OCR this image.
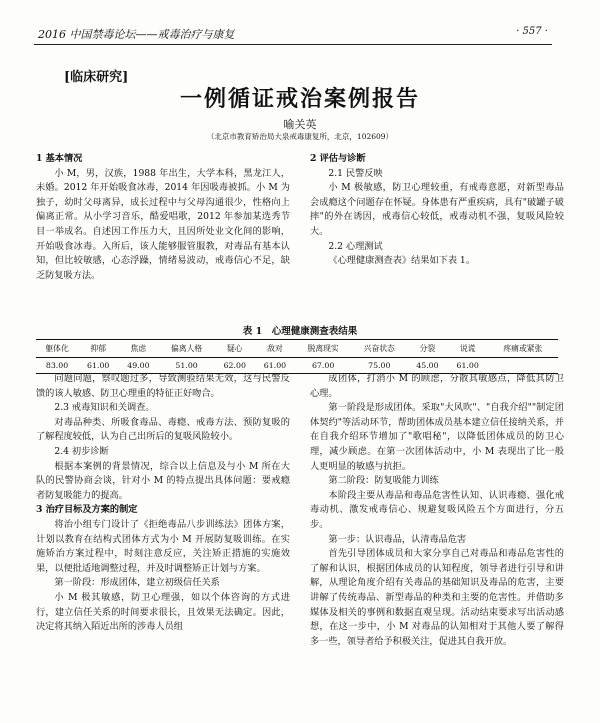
2016 中国禁毒论坛——戒毒治疗与康复	· 557 ·
[临床研究]
一例循证戒治案例报告
喻关英
（北京市教育矫治局大泉戒毒康复所，北京，102609）

1 基本情况

小 M，男，汉族，1988 年出生，大学本科，黑龙江人，未婚。2012 年开始吸食冰毒，2014 年因吸毒被抓。小 M 为独子，幼时父母离异，成长过程中与父母沟通很少，性格向上偏离正常。从小学习音乐，酷爱唱歌，2012 年参加某选秀节目一举成名。自述因工作压力大，且因所处业文化间的影响，开始吸食冰毒。入所后，该人能够服管服教，对毒品有基本认知，但比较敏感，心态浮躁，情绪易波动，戒毒信心不足，缺乏防复吸方法。

2 评估与诊断

2.1 民警反映

小 M 极敏感，防卫心理较重，有戒毒意愿，对新型毒品会成瘾这个问题存在怀疑。身体患有严重疾病，具有"破罐子破摔"的外在诱因，戒毒信心较低，戒毒动机不强，复吸风险较大。

2.2 心理测试

《心理健康测查表》结果如下表 1。

表 1　心理健康测查表结果
躯体化	抑郁	焦虑	偏离人格	疑心	敌对	脱离现实	兴奋状态	分裂	说谎	疼痛或紧张
83.00	61.00	49.00	51.00	62.00	61.00	67.00	75.00	45.00	61.00	

问题问题，察叹题过多，导致测验结果无效，这与民警反馈的该人敏感、防卫心理重的特征正好吻合。

2.3 戒毒知识和关调查。

对毒品种类、所吸食毒品、毒瘾、戒毒方法、预防复吸的了解程度较低，认为自己出所后的复吸风险较小。

2.4 初步诊断

根据本案例的背景情况，综合以上信息及与小 M 所在大队的民警协商会谈，针对小 M 的特点提出具体问题：要戒瘾者防复吸能力的提高。

3 治疗目标及方案的制定

将治小组专门设计了《拒绝毒品八步训练法》团体方案，计划以教育在结构式团体方式为小 M 开展防复吸训练。在实施矫治方案过程中，时刻注意反应，关注矫正措施的实施效果，以便批适地调整过程，并及时调整矫正计划与方案。

第一阶段：形成团体，建立初级信任关系

小 M 极其敏感，防卫心理强，如以个体咨询的方式进行，建立信任关系的时间要求很长，且效果无法确定。因此，决定将其纳入陌近出所的涉毒人员组

成团体，打消小 M 的顾虑，分散其敏感点，降低其防卫心理。

第一阶段是形成团体。采取"大风吹"、"自我介绍""制定团体契约"等活动环节，帮助团体成员基本建立信任接纳关系，并在自我介绍环节增加了"歌唱秘"，以降低团体成员的防卫心理，减少顾虑。在第一次团体活动中，小 M 表现出了比一般人更明显的敏感与抗拒。

第二阶段：防复吸能力训练

本阶段主要从毒品和毒品危害性认知、认识毒瘾、强化戒毒动机、激发戒毒信心、规避复吸风险五个方面进行，分五步。

第一步：认识毒品，认清毒品危害

首先引导团体成员和大家分享自己对毒品和毒品危害性的了解和认识，根据团体成员的认知程度，领导者进行引导和讲解，从理论角度介绍有关毒品的基础知识及毒品的危害，主要讲解了传统毒品、新型毒品的种类和主要的危害性。并借助多媒体及相关的事例和数据直观呈现。活动结束要求写出活动感想，在这一步中，小 M 对毒品的认知相对于其他人要了解得多一些，领导者给予积极关注，促进其自我开放。
